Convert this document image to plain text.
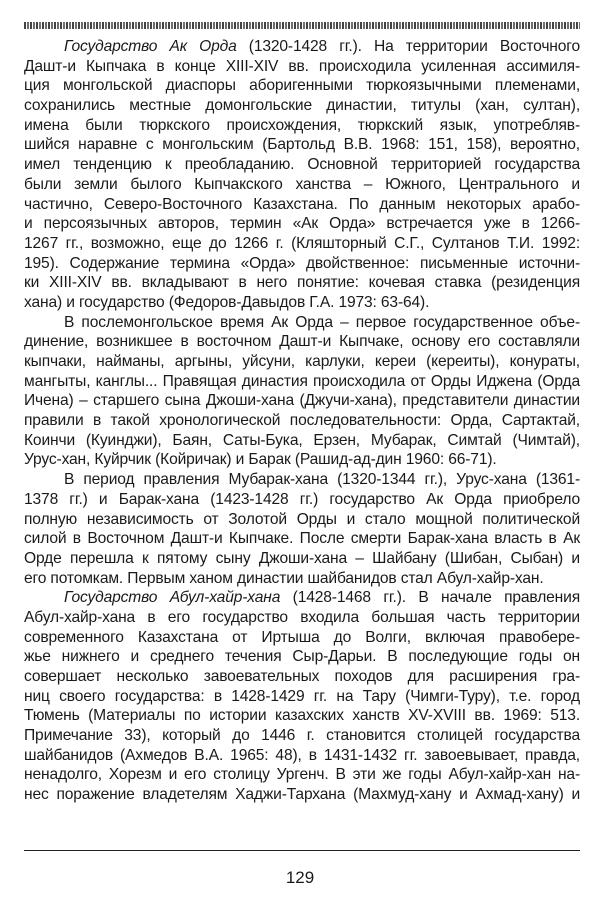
Государство Ак Орда (1320-1428 гг.). На территории Восточного
Дашт-и Кыпчака в конце XIII-XIV вв. происходила усиленная ассимиля-
ция монгольской диаспоры аборигенными тюркоязычными племенами,
сохранились местные домонгольские династии, титулы (хан, султан),
имена были тюркского происхождения, тюркский язык, употребляв-
шийся наравне с монгольским (Бартольд В.В. 1968: 151, 158), вероятно,
имел тенденцию к преобладанию. Основной территорией государства
были земли былого Кыпчакского ханства – Южного, Центрального и
частично, Северо-Восточного Казахстана. По данным некоторых арабо-
и персоязычных авторов, термин «Ак Орда» встречается уже в 1266-
1267 гг., возможно, еще до 1266 г. (Кляшторный С.Г., Султанов Т.И. 1992:
195). Содержание термина «Орда» двойственное: письменные источни-
ки XIII-XIV вв. вкладывают в него понятие: кочевая ставка (резиденция
хана) и государство (Федоров-Давыдов Г.А. 1973: 63-64).
В послемонгольское время Ак Орда – первое государственное объе-
динение, возникшее в восточном Дашт-и Кыпчаке, основу его составляли
кыпчаки, найманы, аргыны, уйсуни, карлуки, кереи (кереиты), конyраты,
мангыты, канглы... Правящая династия происходила от Орды Иджена (Орда
Ичена) – старшего сына Джоши-хана (Джучи-хана), представители династии
правили в такой хронологической последовательности: Орда, Сартактай,
Коинчи (Куинджи), Баян, Саты-Бука, Ерзен, Мубарак, Симтай (Чимтай),
Урус-хан, Куйрчик (Койричак) и Барак (Рашид-ад-дин 1960: 66-71).
В период правления Мубарак-хана (1320-1344 гг.), Урус-хана (1361-
1378 гг.) и Барак-хана (1423-1428 гг.) государство Ак Орда приобрело
полную независимость от Золотой Орды и стало мощной политической
силой в Восточном Дашт-и Кыпчаке. После смерти Барак-хана власть в Ак
Орде перешла к пятому сыну Джоши-хана – Шайбану (Шибан, Сыбан) и
его потомкам. Первым ханом династии шайбанидов стал Абул-хайр-хан.
Государство Абул-хайр-хана (1428-1468 гг.). В начале правления
Абул-хайр-хана в его государство входила большая часть территории
современного Казахстана от Иртыша до Волги, включая правобере-
жье нижнего и среднего течения Сыр-Дарьи. В последующие годы он
совершает несколько завоевательных походов для расширения гра-
ниц своего государства: в 1428-1429 гг. на Тару (Чимги-Туру), т.е. город
Тюмень (Материалы по истории казахских ханств XV-XVIII вв. 1969: 513.
Примечание 33), который до 1446 г. становится столицей государства
шайбанидов (Ахмедов В.А. 1965: 48), в 1431-1432 гг. завоевывает, правда,
ненадолго, Хорезм и его столицу Ургенч. В эти же годы Абул-хайр-хан на-
нес поражение владетелям Хаджи-Тархана (Махмуд-хану и Ахмад-хану) и
129
